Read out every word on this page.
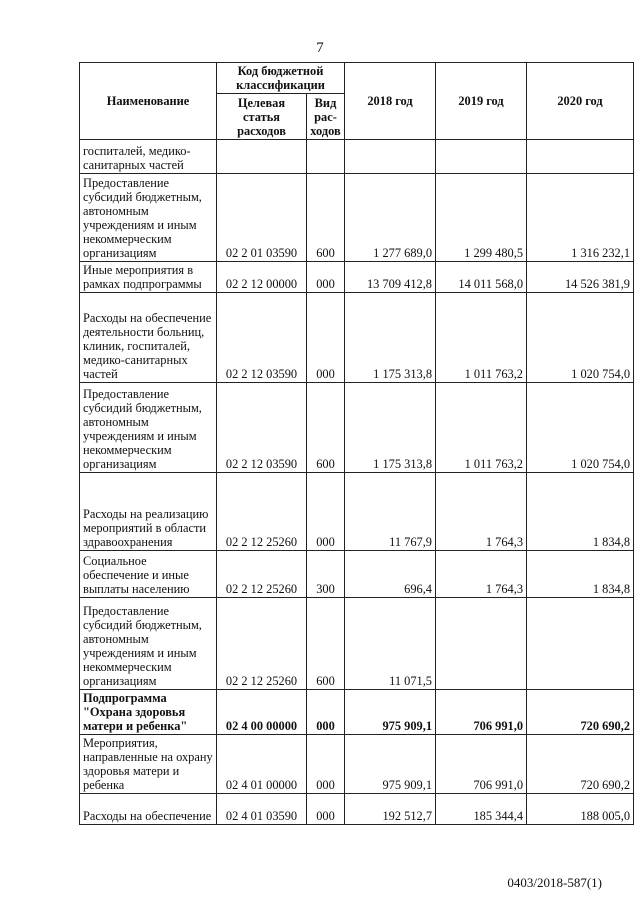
7
Наименование	Код бюджетной классификации		2018 год	2019 год	2020 год
	Целевая статья расходов	Вид рас-ходов			
госпиталей, медико-санитарных частей					
Предоставление субсидий бюджетным, автономным учреждениям и иным некоммерческим организациям	02 2 01 03590	600	1 277 689,0	1 299 480,5	1 316 232,1
Иные мероприятия в рамках подпрограммы	02 2 12 00000	000	13 709 412,8	14 011 568,0	14 526 381,9
Расходы на обеспечение деятельности больниц, клиник, госпиталей, медико-санитарных частей	02 2 12 03590	000	1 175 313,8	1 011 763,2	1 020 754,0
Предоставление субсидий бюджетным, автономным учреждениям и иным некоммерческим организациям	02 2 12 03590	600	1 175 313,8	1 011 763,2	1 020 754,0
Расходы на реализацию мероприятий в области здравоохранения	02 2 12 25260	000	11 767,9	1 764,3	1 834,8
Социальное обеспечение и иные выплаты населению	02 2 12 25260	300	696,4	1 764,3	1 834,8
Предоставление субсидий бюджетным, автономным учреждениям и иным некоммерческим организациям	02 2 12 25260	600	11 071,5		
Подпрограмма "Охрана здоровья матери и ребенка"	02 4 00 00000	000	975 909,1	706 991,0	720 690,2
Мероприятия, направленные на охрану здоровья матери и ребенка	02 4 01 00000	000	975 909,1	706 991,0	720 690,2
Расходы на обеспечение	02 4 01 03590	000	192 512,7	185 344,4	188 005,0
0403/2018-587(1)
